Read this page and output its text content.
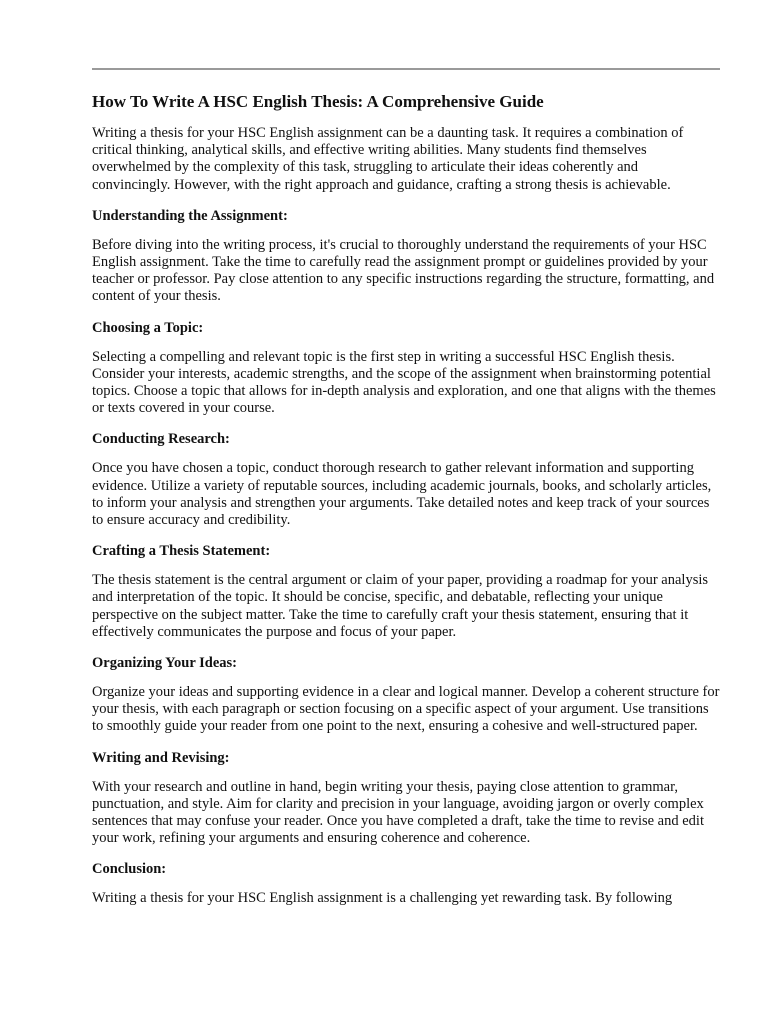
How To Write A HSC English Thesis: A Comprehensive Guide

Writing a thesis for your HSC English assignment can be a daunting task. It requires a combination of critical thinking, analytical skills, and effective writing abilities. Many students find themselves overwhelmed by the complexity of this task, struggling to articulate their ideas coherently and convincingly. However, with the right approach and guidance, crafting a strong thesis is achievable.

Understanding the Assignment:

Before diving into the writing process, it's crucial to thoroughly understand the requirements of your HSC English assignment. Take the time to carefully read the assignment prompt or guidelines provided by your teacher or professor. Pay close attention to any specific instructions regarding the structure, formatting, and content of your thesis.

Choosing a Topic:

Selecting a compelling and relevant topic is the first step in writing a successful HSC English thesis. Consider your interests, academic strengths, and the scope of the assignment when brainstorming potential topics. Choose a topic that allows for in-depth analysis and exploration, and one that aligns with the themes or texts covered in your course.

Conducting Research:

Once you have chosen a topic, conduct thorough research to gather relevant information and supporting evidence. Utilize a variety of reputable sources, including academic journals, books, and scholarly articles, to inform your analysis and strengthen your arguments. Take detailed notes and keep track of your sources to ensure accuracy and credibility.

Crafting a Thesis Statement:

The thesis statement is the central argument or claim of your paper, providing a roadmap for your analysis and interpretation of the topic. It should be concise, specific, and debatable, reflecting your unique perspective on the subject matter. Take the time to carefully craft your thesis statement, ensuring that it effectively communicates the purpose and focus of your paper.

Organizing Your Ideas:

Organize your ideas and supporting evidence in a clear and logical manner. Develop a coherent structure for your thesis, with each paragraph or section focusing on a specific aspect of your argument. Use transitions to smoothly guide your reader from one point to the next, ensuring a cohesive and well-structured paper.

Writing and Revising:

With your research and outline in hand, begin writing your thesis, paying close attention to grammar, punctuation, and style. Aim for clarity and precision in your language, avoiding jargon or overly complex sentences that may confuse your reader. Once you have completed a draft, take the time to revise and edit your work, refining your arguments and ensuring coherence and coherence.

Conclusion:

Writing a thesis for your HSC English assignment is a challenging yet rewarding task. By following
